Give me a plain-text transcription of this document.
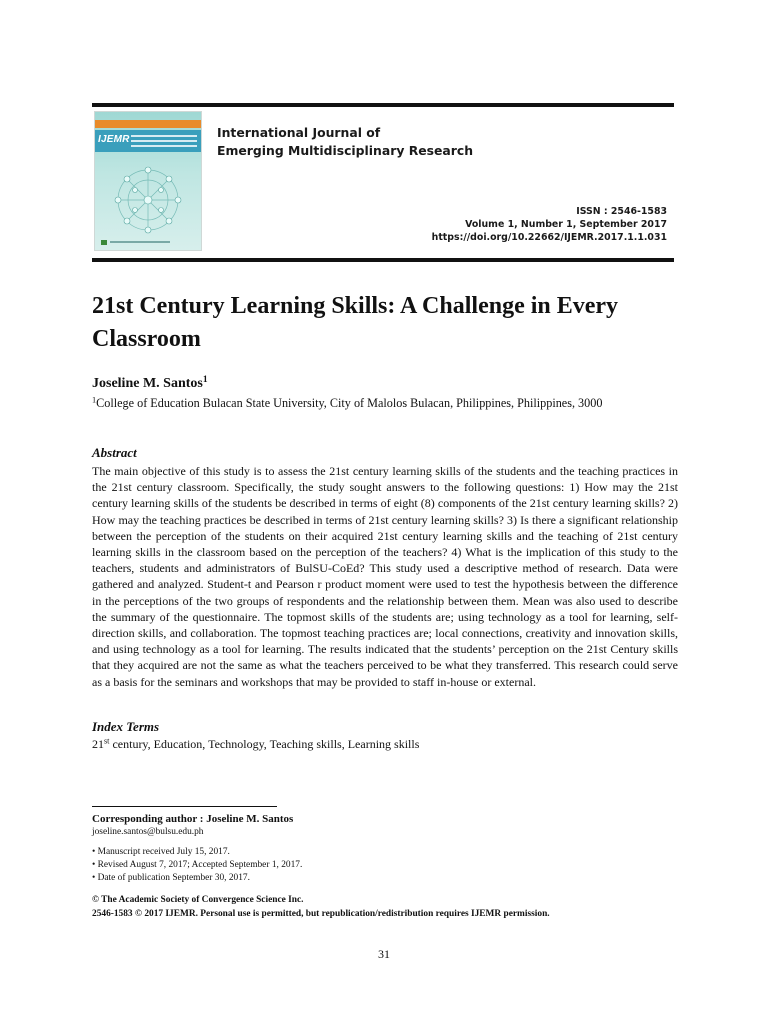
IJEMR	International Journal of
Emerging Multidisciplinary Research

ISSN : 2546-1583
Volume 1, Number 1, September 2017
https://doi.org/10.22662/IJEMR.2017.1.1.031
21st Century Learning Skills: A Challenge in Every Classroom

Joseline M. Santos$^1$

$^1$College of Education Bulacan State University, City of Malolos Bulacan, Philippines, Philippines, 3000

Abstract

The main objective of this study is to assess the 21st century learning skills of the students and the teaching practices in the 21st century classroom. Specifically, the study sought answers to the following questions: 1) How may the 21st century learning skills of the students be described in terms of eight (8) components of the 21st century learning skills? 2) How may the teaching practices be described in terms of 21st century learning skills? 3) Is there a significant relationship between the perception of the students on their acquired 21st century learning skills and the teaching of 21st century learning skills in the classroom based on the perception of the teachers? 4) What is the implication of this study to the teachers, students and administrators of BulSU-CoEd? This study used a descriptive method of research. Data were gathered and analyzed. Student-t and Pearson r product moment were used to test the hypothesis between the difference in the perceptions of the two groups of respondents and the relationship between them. Mean was also used to describe the summary of the questionnaire. The topmost skills of the students are; using technology as a tool for learning, self-direction skills, and collaboration. The topmost teaching practices are; local connections, creativity and innovation skills, and using technology as a tool for learning. The results indicated that the students’ perception on the 21st Century skills that they acquired are not the same as what the teachers perceived to be what they transferred. This research could serve as a basis for the seminars and workshops that may be provided to staff in-house or external.

Index Terms

21st century, Education, Technology, Teaching skills, Learning skills

Corresponding author : Joseline M. Santos

joseline.santos@bulsu.edu.ph

• Manuscript received July 15, 2017.
• Revised August 7, 2017; Accepted September 1, 2017.
• Date of publication September 30, 2017.

© The Academic Society of Convergence Science Inc.

2546-1583 © 2017 IJEMR. Personal use is permitted, but republication/redistribution requires IJEMR permission.

31
